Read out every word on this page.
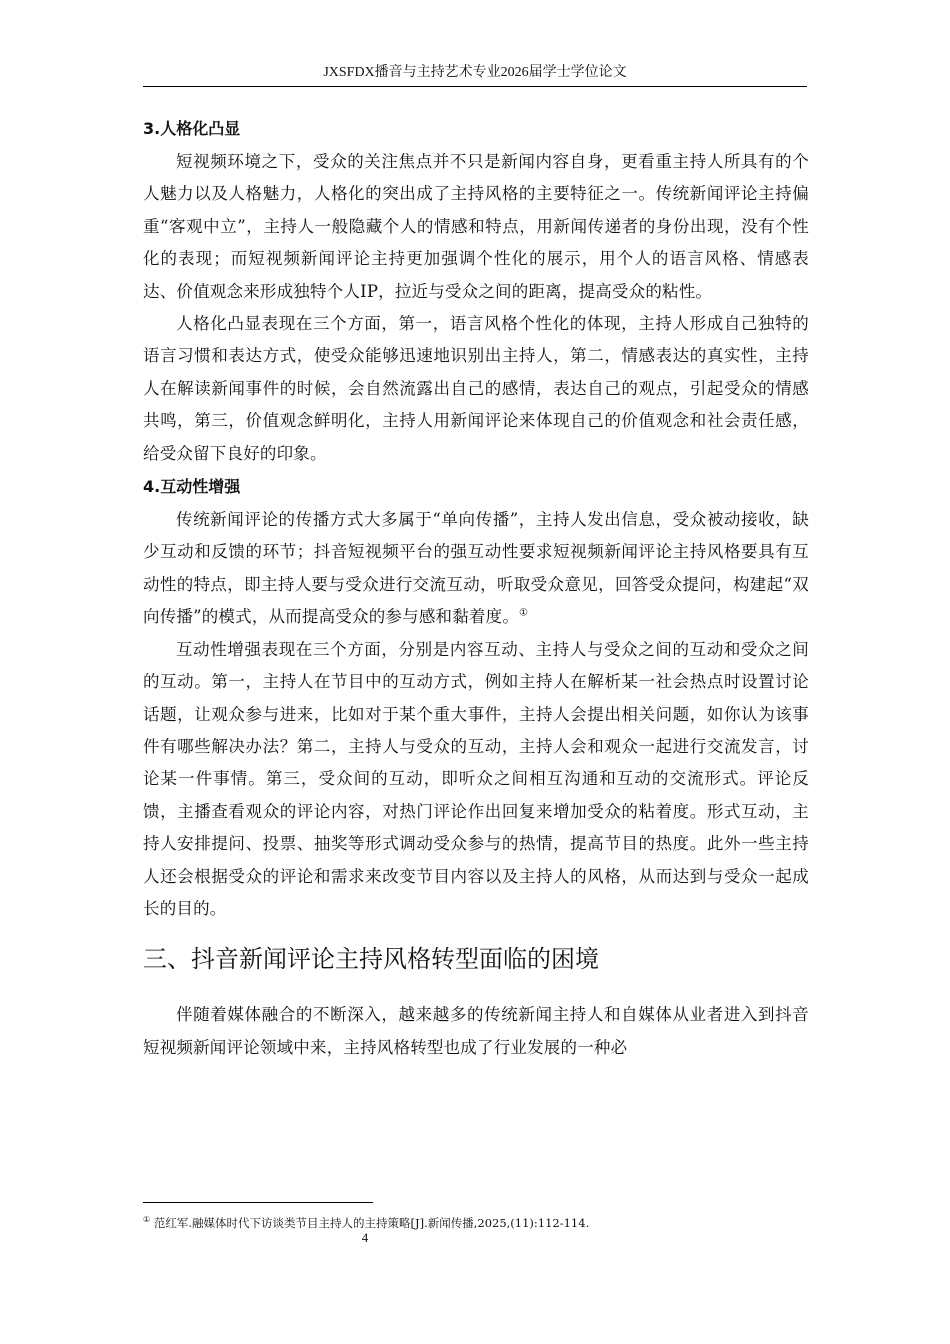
JXSFDX播音与主持艺术专业2026届学士学位论文
3.人格化凸显

短视频环境之下，受众的关注焦点并不只是新闻内容自身，更看重主持人所具有的个人魅力以及人格魅力，人格化的突出成了主持风格的主要特征之一。传统新闻评论主持偏重“客观中立”，主持人一般隐藏个人的情感和特点，用新闻传递者的身份出现，没有个性化的表现；而短视频新闻评论主持更加强调个性化的展示，用个人的语言风格、情感表达、价值观念来形成独特个人IP，拉近与受众之间的距离，提高受众的粘性。

人格化凸显表现在三个方面，第一，语言风格个性化的体现，主持人形成自己独特的语言习惯和表达方式，使受众能够迅速地识别出主持人，第二，情感表达的真实性，主持人在解读新闻事件的时候，会自然流露出自己的感情，表达自己的观点，引起受众的情感共鸣，第三，价值观念鲜明化，主持人用新闻评论来体现自己的价值观念和社会责任感，给受众留下良好的印象。

4.互动性增强

传统新闻评论的传播方式大多属于“单向传播”，主持人发出信息，受众被动接收，缺少互动和反馈的环节；抖音短视频平台的强互动性要求短视频新闻评论主持风格要具有互动性的特点，即主持人要与受众进行交流互动，听取受众意见，回答受众提问，构建起“双向传播”的模式，从而提高受众的参与感和黏着度。①

互动性增强表现在三个方面，分别是内容互动、主持人与受众之间的互动和受众之间的互动。第一，主持人在节目中的互动方式，例如主持人在解析某一社会热点时设置讨论话题，让观众参与进来，比如对于某个重大事件，主持人会提出相关问题，如你认为该事件有哪些解决办法？第二，主持人与受众的互动，主持人会和观众一起进行交流发言，讨论某一件事情。第三，受众间的互动，即听众之间相互沟通和互动的交流形式。评论反馈，主播查看观众的评论内容，对热门评论作出回复来增加受众的粘着度。形式互动，主持人安排提问、投票、抽奖等形式调动受众参与的热情，提高节目的热度。此外一些主持人还会根据受众的评论和需求来改变节目内容以及主持人的风格，从而达到与受众一起成长的目的。

三、抖音新闻评论主持风格转型面临的困境

伴随着媒体融合的不断深入，越来越多的传统新闻主持人和自媒体从业者进入到抖音短视频新闻评论领域中来，主持风格转型也成了行业发展的一种必

① 范红军.融媒体时代下访谈类节目主持人的主持策略[J].新闻传播,2025,(11):112-114.
4
